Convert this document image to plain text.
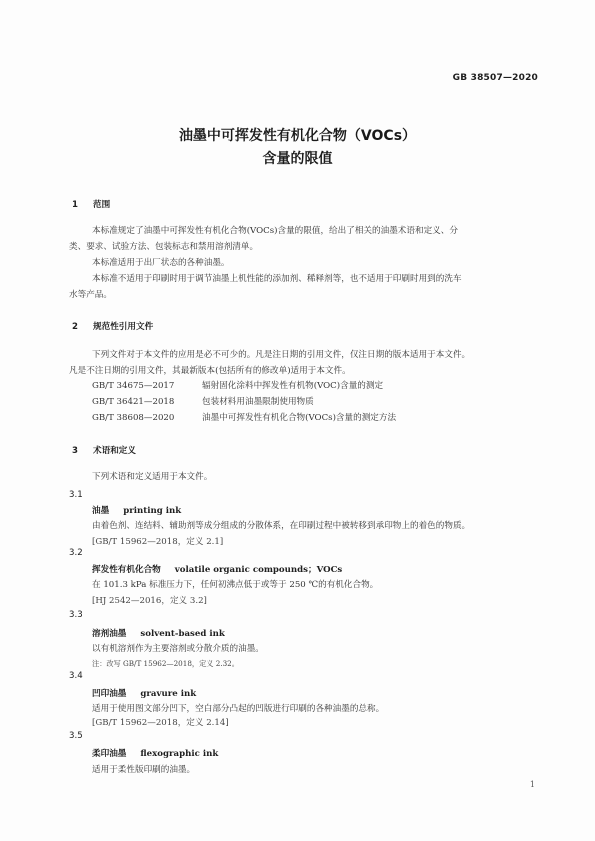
GB 38507—2020
油墨中可挥发性有机化合物（VOCs）
含量的限值
1 范围
本标准规定了油墨中可挥发性有机化合物(VOCs)含量的限值，给出了相关的油墨术语和定义、分
类、要求、试验方法、包装标志和禁用溶剂清单。
本标准适用于出厂状态的各种油墨。
本标准不适用于印刷时用于调节油墨上机性能的添加剂、稀释剂等，也不适用于印刷时用到的洗车
水等产品。
2 规范性引用文件
下列文件对于本文件的应用是必不可少的。凡是注日期的引用文件，仅注日期的版本适用于本文件。
凡是不注日期的引用文件，其最新版本(包括所有的修改单)适用于本文件。
GB/T 34675—2017	辐射固化涂料中挥发性有机物(VOC)含量的测定
GB/T 36421—2018	包装材料用油墨限制使用物质
GB/T 38608—2020	油墨中可挥发性有机化合物(VOCs)含量的测定方法
3 术语和定义
下列术语和定义适用于本文件。
3.1
油墨 printing ink
由着色剂、连结料、辅助剂等成分组成的分散体系，在印刷过程中被转移到承印物上的着色的物质。
[GB/T 15962—2018，定义 2.1]
3.2
挥发性有机化合物 volatile organic compounds；VOCs
在 101.3 kPa 标准压力下，任何初沸点低于或等于 250 ℃的有机化合物。
[HJ 2542—2016，定义 3.2]
3.3
溶剂油墨 solvent-based ink
以有机溶剂作为主要溶剂或分散介质的油墨。
注：改写 GB/T 15962—2018，定义 2.32。
3.4
凹印油墨 gravure ink
适用于使用图文部分凹下，空白部分凸起的凹版进行印刷的各种油墨的总称。
[GB/T 15962—2018，定义 2.14]
3.5
柔印油墨 flexographic ink
适用于柔性版印刷的油墨。
1
